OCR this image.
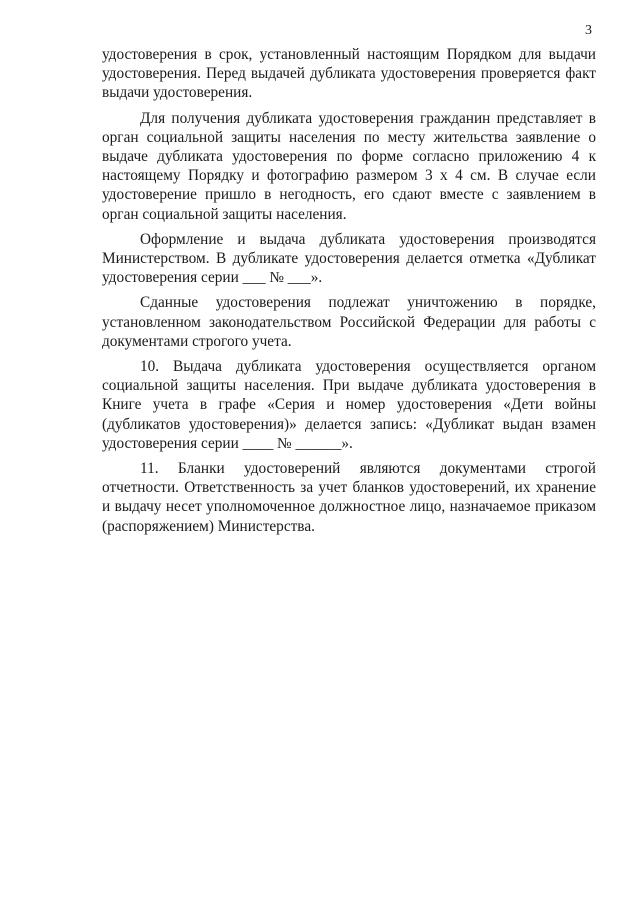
3

удостоверения в срок, установленный настоящим Порядком для выдачи удостоверения. Перед выдачей дубликата удостоверения проверяется факт выдачи удостоверения.

Для получения дубликата удостоверения гражданин представляет в орган социальной защиты населения по месту жительства заявление о выдаче дубликата удостоверения по форме согласно приложению 4 к настоящему Порядку и фотографию размером 3 х 4 см. В случае если удостоверение пришло в негодность, его сдают вместе с заявлением в орган социальной защиты населения.

Оформление и выдача дубликата удостоверения производятся Министерством. В дубликате удостоверения делается отметка «Дубликат удостоверения серии ___ № ___».

Сданные удостоверения подлежат уничтожению в порядке, установленном законодательством Российской Федерации для работы с документами строгого учета.

10. Выдача дубликата удостоверения осуществляется органом социальной защиты населения. При выдаче дубликата удостоверения в Книге учета в графе «Серия и номер удостоверения «Дети войны (дубликатов удостоверения)» делается запись: «Дубликат выдан взамен удостоверения серии ____ № ______».

11. Бланки удостоверений являются документами строгой отчетности. Ответственность за учет бланков удостоверений, их хранение и выдачу несет уполномоченное должностное лицо, назначаемое приказом (распоряжением) Министерства.
